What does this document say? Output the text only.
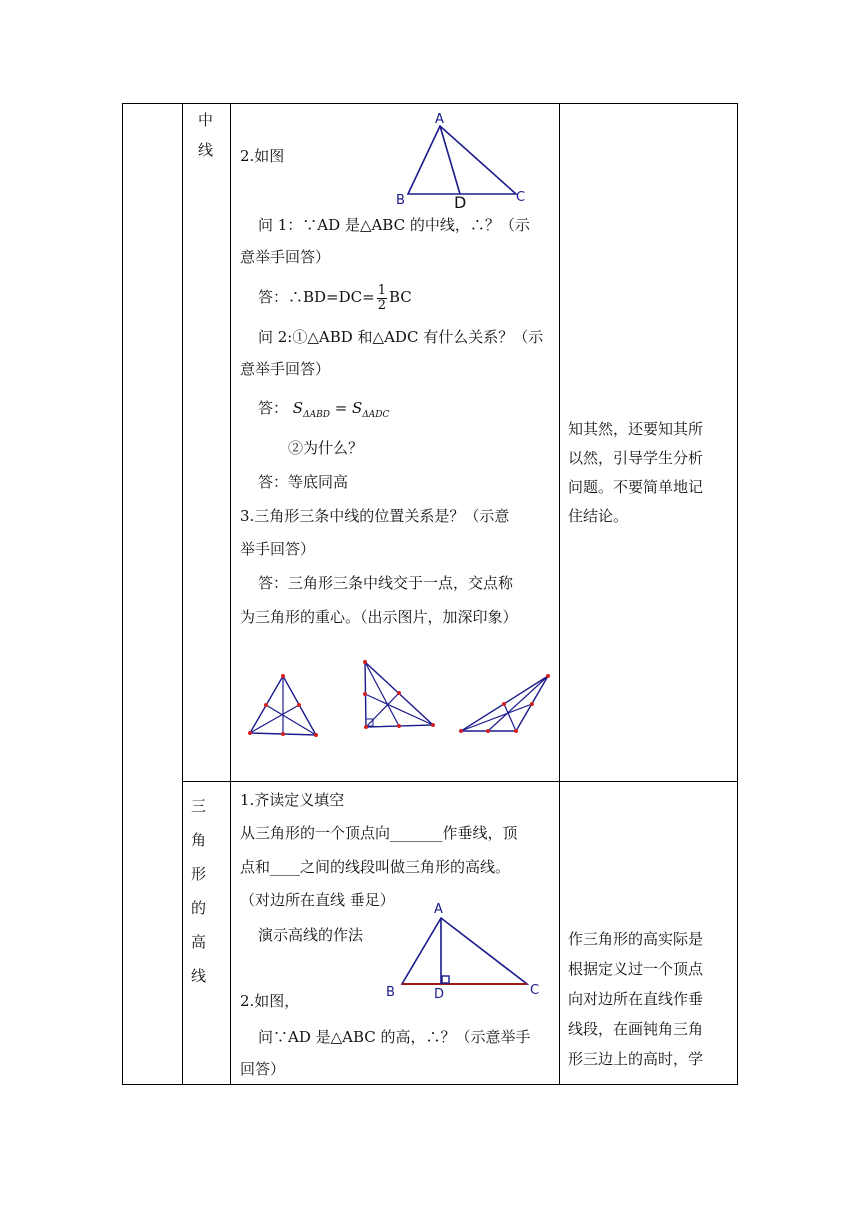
中
线 2.如图
A
B	C
D
问 1：∵AD 是△ABC 的中线，∴？（示
意举手回答）
答：∴BD=DC= $\frac{1}{2}$ BC
问 2:①△ABD 和△ADC 有什么关系？（示
意举手回答）
答： $S_{\Delta ABD} = S_{\Delta ADC}$
②为什么？
答：等底同高
3.三角形三条中线的位置关系是？（示意
举手回答）
答：三角形三条中线交于一点，交点称
为三角形的重心。（出示图片，加深印象）
知其然，还要知其所
以然，引导学生分析
问题。不要简单地记
住结论。
三
角
形
的
高
线
1.齐读定义填空
从三角形的一个顶点向_______作垂线，顶
点和____之间的线段叫做三角形的高线。
（对边所在直线 垂足）
演示高线的作法
A
B	C
D
2.如图，
问∵AD 是△ABC 的高，∴？（示意举手
回答）
作三角形的高实际是
根据定义过一个顶点
向对边所在直线作垂
线段，在画钝角三角
形三边上的高时，学
